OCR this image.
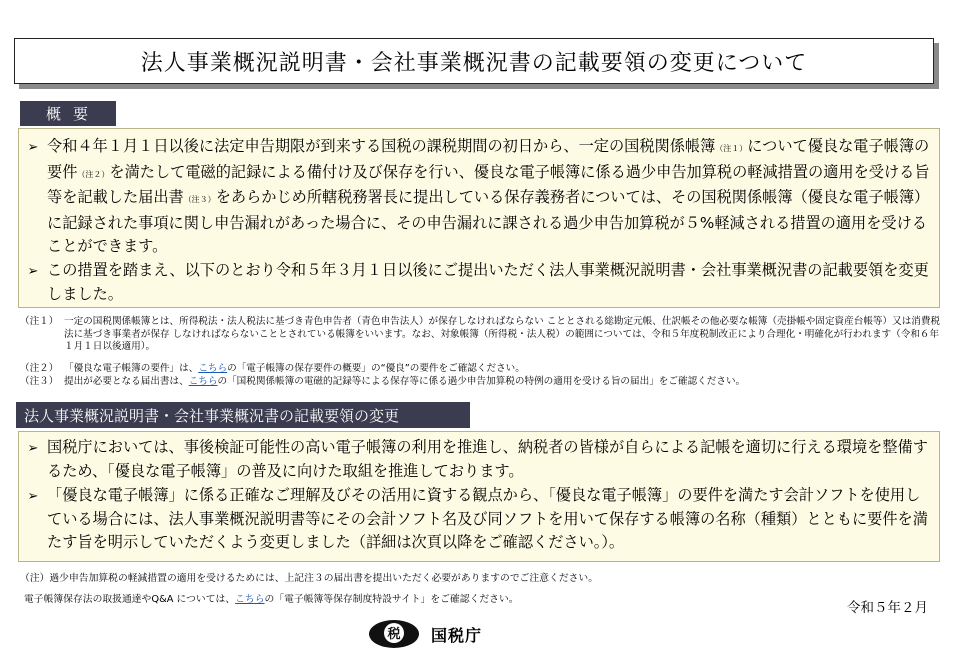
法人事業概況説明書・会社事業概況書の記載要領の変更について
概要
➢ 令和４年１月１日以後に法定申告期限が到来する国税の課税期間の初日から、一定の国税関係帳簿（注１）について優良な電子帳簿の要件（注２）を満たして電磁的記録による備付け及び保存を行い、優良な電子帳簿に係る過少申告加算税の軽減措置の適用を受ける旨等を記載した届出書（注３）をあらかじめ所轄税務署長に提出している保存義務者については、その国税関係帳簿（優良な電子帳簿）に記録された事項に関し申告漏れがあった場合に、その申告漏れに課される過少申告加算税が５%軽減される措置の適用を受けることができます。
➢ この措置を踏まえ、以下のとおり令和５年３月１日以後にご提出いただく法人事業概況説明書・会社事業概況書の記載要領を変更しました。
（注１） 一定の国税関係帳簿とは、所得税法・法人税法に基づき青色申告者（青色申告法人）が保存しなければならない こととされる総勘定元帳、仕訳帳その他必要な帳簿（売掛帳や固定資産台帳等）又は消費税法に基づき事業者が保存 しなければならないこととされている帳簿をいいます。なお、対象帳簿（所得税・法人税）の範囲については、令和５年度税制改正により合理化・明確化が行われます（令和６年１月１日以後適用）。
（注２） 「優良な電子帳簿の要件」は、こちらの「電子帳簿の保存要件の概要」の“優良”の要件をご確認ください。
（注３） 提出が必要となる届出書は、こちらの「国税関係帳簿の電磁的記録等による保存等に係る過少申告加算税の特例の適用を受ける旨の届出」をご確認ください。
法人事業概況説明書・会社事業概況書の記載要領の変更
➢ 国税庁においては、事後検証可能性の高い電子帳簿の利用を推進し、納税者の皆様が自らによる記帳を適切に行える環境を整備するため、「優良な電子帳簿」の普及に向けた取組を推進しております。
➢ 「優良な電子帳簿」に係る正確なご理解及びその活用に資する観点から、「優良な電子帳簿」の要件を満たす会計ソフトを使用している場合には、法人事業概況説明書等にその会計ソフト名及び同ソフトを用いて保存する帳簿の名称（種類）とともに要件を満たす旨を明示していただくよう変更しました（詳細は次頁以降をご確認ください。）。
（注）過少申告加算税の軽減措置の適用を受けるためには、上記注３の届出書を提出いただく必要がありますのでご注意ください。
電子帳簿保存法の取扱通達やQ&A については、こちらの「電子帳簿等保存制度特設サイト」をご確認ください。
令和５年２月
税 国税庁
